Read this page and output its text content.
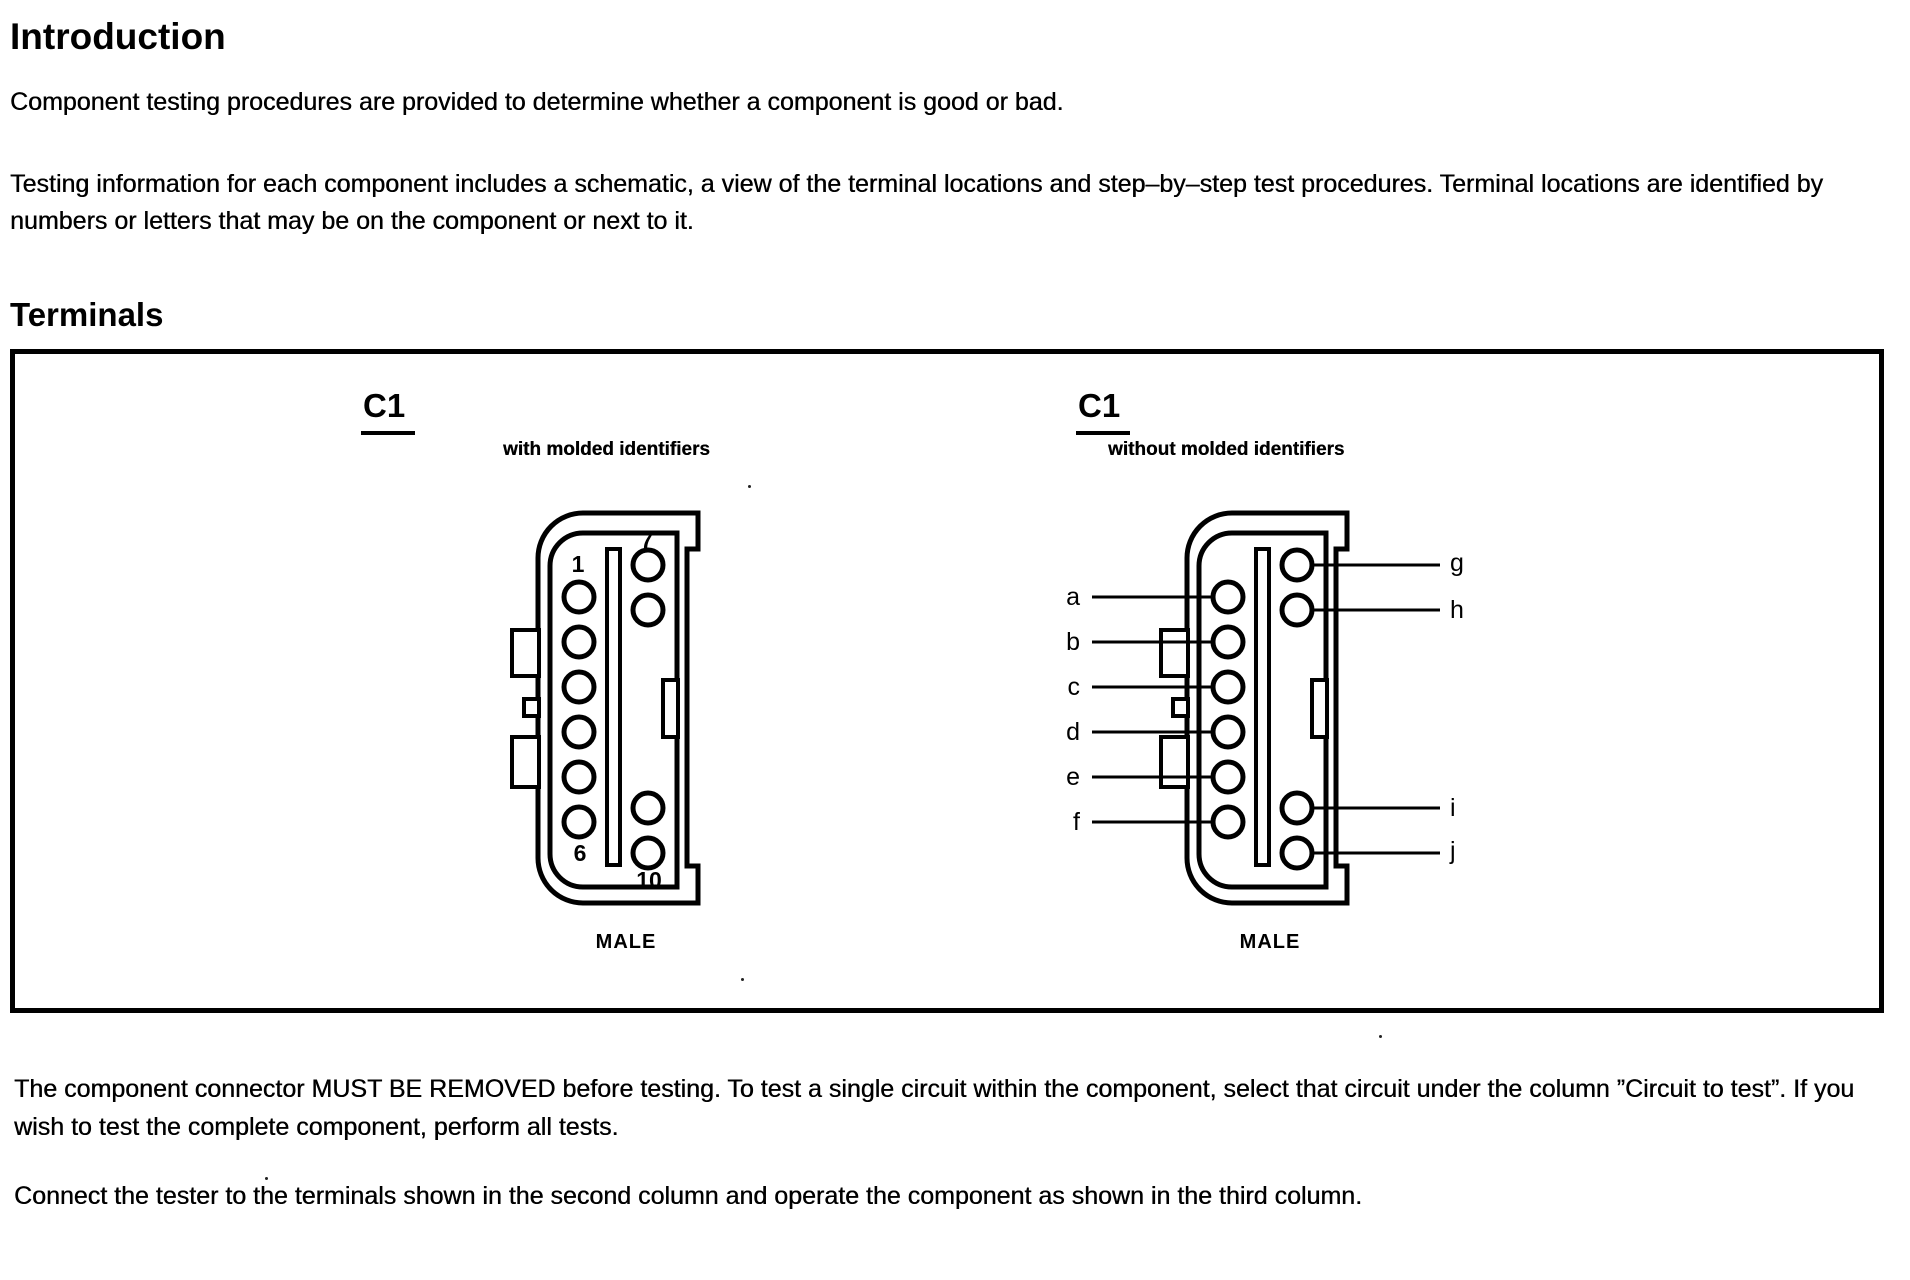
Introduction

Component testing procedures are provided to determine whether a component is good or bad.

Testing information for each component includes a schematic, a view of the terminal locations and step–by–step test procedures. Terminal locations are identified by numbers or letters that may be on the component or next to it.

Terminals

C1

with molded identifiers

1
7
6
10

MALE

C1

without molded identifiers

a
b
c
d
e
f
g
h
i
j

MALE

The component connector MUST BE REMOVED before testing. To test a single circuit within the component, select that circuit under the column ”Circuit to test”. If you wish to test the complete component, perform all tests.

Connect the tester to the terminals shown in the second column and operate the component as shown in the third column.
